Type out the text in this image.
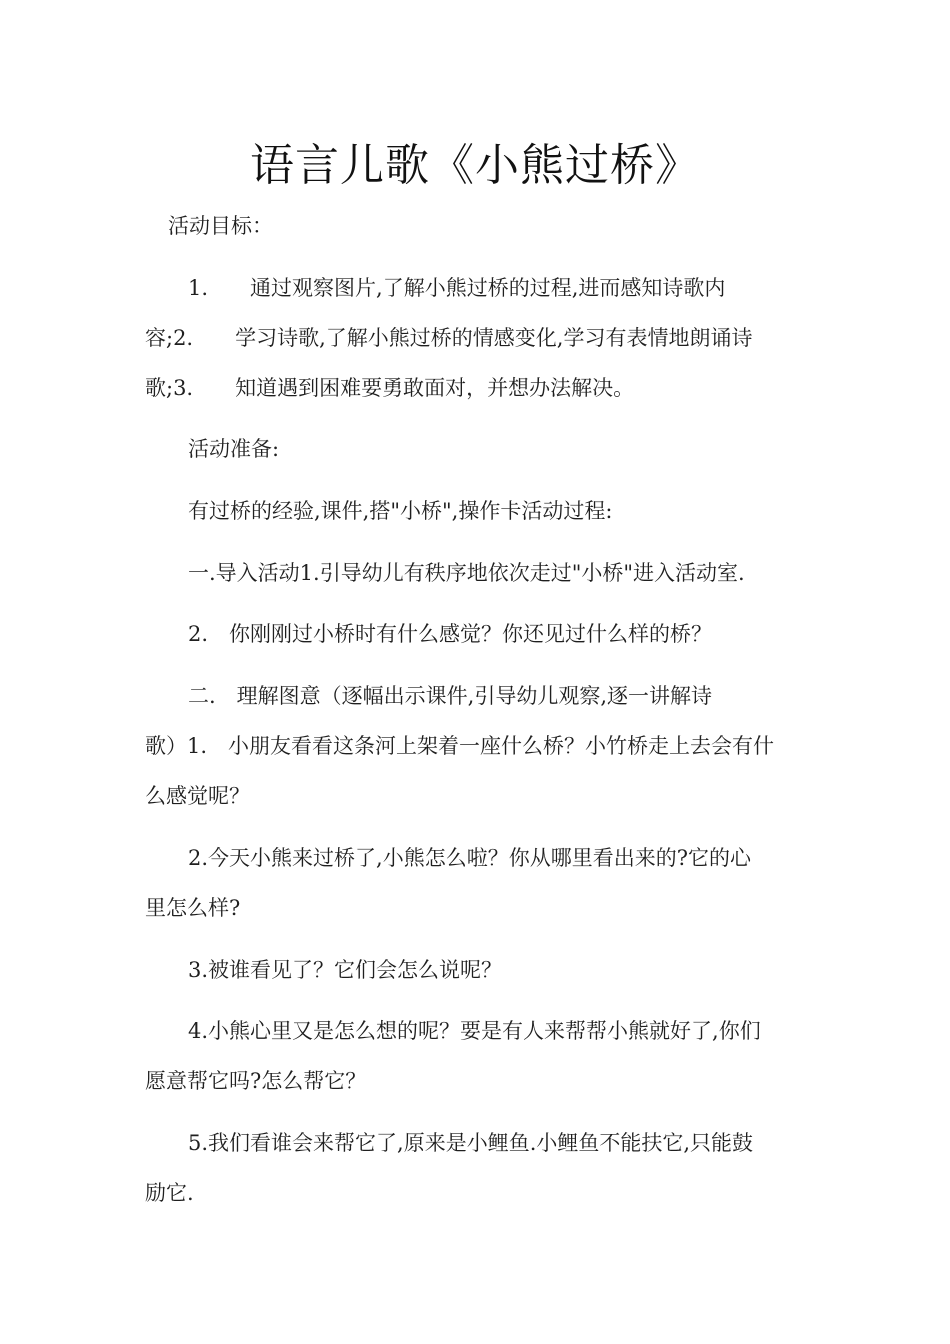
语言儿歌《小熊过桥》
活动目标：
1.　　通过观察图片,了解小熊过桥的过程,进而感知诗歌内
容;2.　　学习诗歌,了解小熊过桥的情感变化,学习有表情地朗诵诗
歌;3.　　知道遇到困难要勇敢面对，并想办法解决。
活动准备:
有过桥的经验,课件,搭"小桥",操作卡活动过程:
一.导入活动1.引导幼儿有秩序地依次走过"小桥"进入活动室.
2.　你刚刚过小桥时有什么感觉？你还见过什么样的桥？
二.　理解图意（逐幅出示课件,引导幼儿观察,逐一讲解诗
歌）1.　小朋友看看这条河上架着一座什么桥？小竹桥走上去会有什
么感觉呢？
2.今天小熊来过桥了,小熊怎么啦？你从哪里看出来的?它的心
里怎么样?
3.被谁看见了？它们会怎么说呢？
4.小熊心里又是怎么想的呢？要是有人来帮帮小熊就好了,你们
愿意帮它吗?怎么帮它？
5.我们看谁会来帮它了,原来是小鲤鱼.小鲤鱼不能扶它,只能鼓
励它.
